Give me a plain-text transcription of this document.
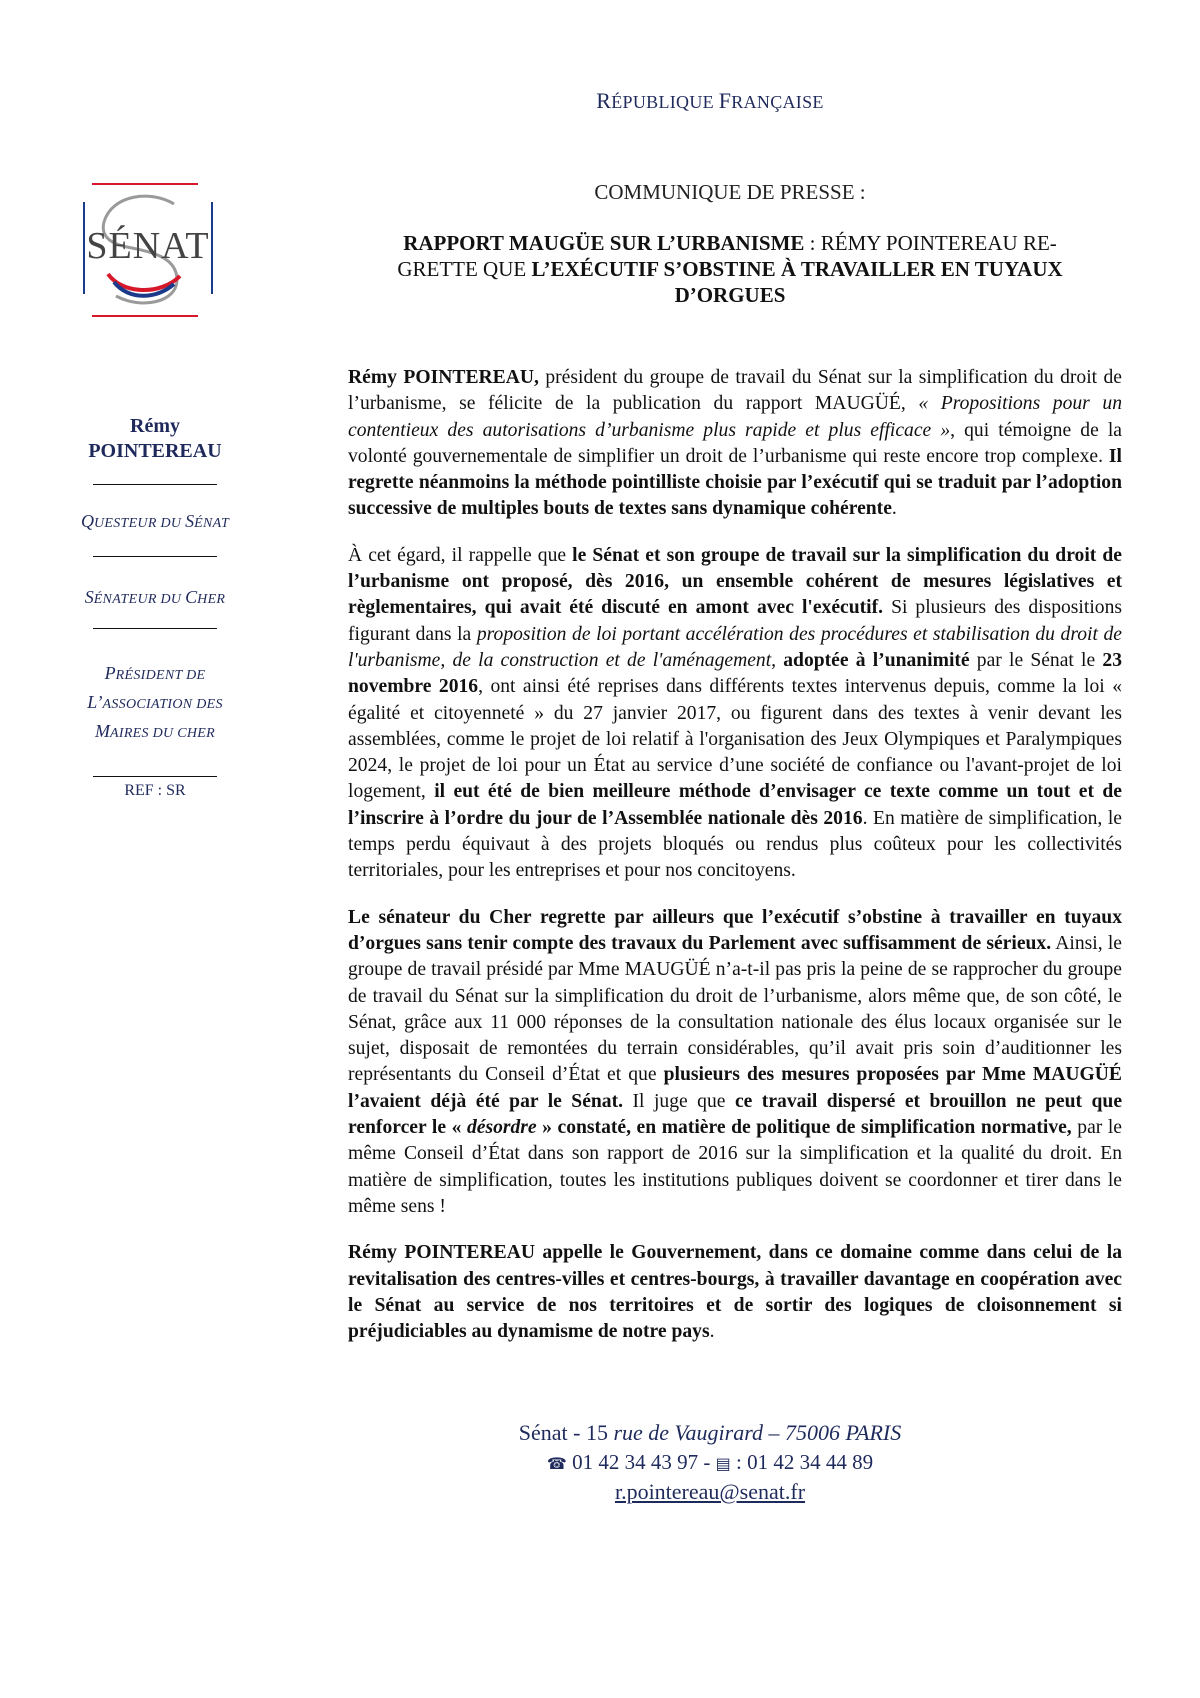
RÉPUBLIQUE FRANÇAISE
SÉNAT
COMMUNIQUE DE PRESSE :
RAPPORT MAUGÜE SUR L’URBANISME : RÉMY POINTEREAU REGRETTE QUE L’EXÉCUTIF S’OBSTINE À TRAVAILLER EN TUYAUX D’ORGUES
Rémy
POINTEREAU
QUESTEUR DU SÉNAT
SÉNATEUR DU CHER
PRÉSIDENT DE
L’ASSOCIATION DES
MAIRES DU CHER
REF : SR

Rémy POINTEREAU, président du groupe de travail du Sénat sur la simplification du droit de l’urbanisme, se félicite de la publication du rapport MAUGÜÉ, « Propositions pour un contentieux des autorisations d’urbanisme plus rapide et plus efficace », qui témoigne de la volonté gouvernementale de simplifier un droit de l’urbanisme qui reste encore trop complexe. Il regrette néanmoins la méthode pointilliste choisie par l’exécutif qui se traduit par l’adoption successive de multiples bouts de textes sans dynamique cohérente.

À cet égard, il rappelle que le Sénat et son groupe de travail sur la simplification du droit de l’urbanisme ont proposé, dès 2016, un ensemble cohérent de mesures législatives et règlementaires, qui avait été discuté en amont avec l'exécutif. Si plusieurs des dispositions figurant dans la proposition de loi portant accélération des procédures et stabilisation du droit de l'urbanisme, de la construction et de l'aménagement, adoptée à l’unanimité par le Sénat le 23 novembre 2016, ont ainsi été reprises dans différents textes intervenus depuis, comme la loi « égalité et citoyenneté » du 27 janvier 2017, ou figurent dans des textes à venir devant les assemblées, comme le projet de loi relatif à l'organisation des Jeux Olympiques et Paralympiques 2024, le projet de loi pour un État au service d’une société de confiance ou l'avant-projet de loi logement, il eut été de bien meilleure méthode d’envisager ce texte comme un tout et de l’inscrire à l’ordre du jour de l’Assemblée nationale dès 2016. En matière de simplification, le temps perdu équivaut à des projets bloqués ou rendus plus coûteux pour les collectivités territoriales, pour les entreprises et pour nos concitoyens.

Le sénateur du Cher regrette par ailleurs que l’exécutif s’obstine à travailler en tuyaux d’orgues sans tenir compte des travaux du Parlement avec suffisamment de sérieux. Ainsi, le groupe de travail présidé par Mme MAUGÜÉ n’a-t-il pas pris la peine de se rapprocher du groupe de travail du Sénat sur la simplification du droit de l’urbanisme, alors même que, de son côté, le Sénat, grâce aux 11 000 réponses de la consultation nationale des élus locaux organisée sur le sujet, disposait de remontées du terrain considérables, qu’il avait pris soin d’auditionner les représentants du Conseil d’État et que plusieurs des mesures proposées par Mme MAUGÜÉ l’avaient déjà été par le Sénat. Il juge que ce travail dispersé et brouillon ne peut que renforcer le « désordre » constaté, en matière de politique de simplification normative, par le même Conseil d’État dans son rapport de 2016 sur la simplification et la qualité du droit. En matière de simplification, toutes les institutions publiques doivent se coordonner et tirer dans le même sens !

Rémy POINTEREAU appelle le Gouvernement, dans ce domaine comme dans celui de la revitalisation des centres-villes et centres-bourgs, à travailler davantage en coopération avec le Sénat au service de nos territoires et de sortir des logiques de cloisonnement si préjudiciables au dynamisme de notre pays.

Sénat - 15 rue de Vaugirard – 75006 PARIS
☎ 01 42 34 43 97 - ▤ : 01 42 34 44 89
r.pointereau@senat.fr
